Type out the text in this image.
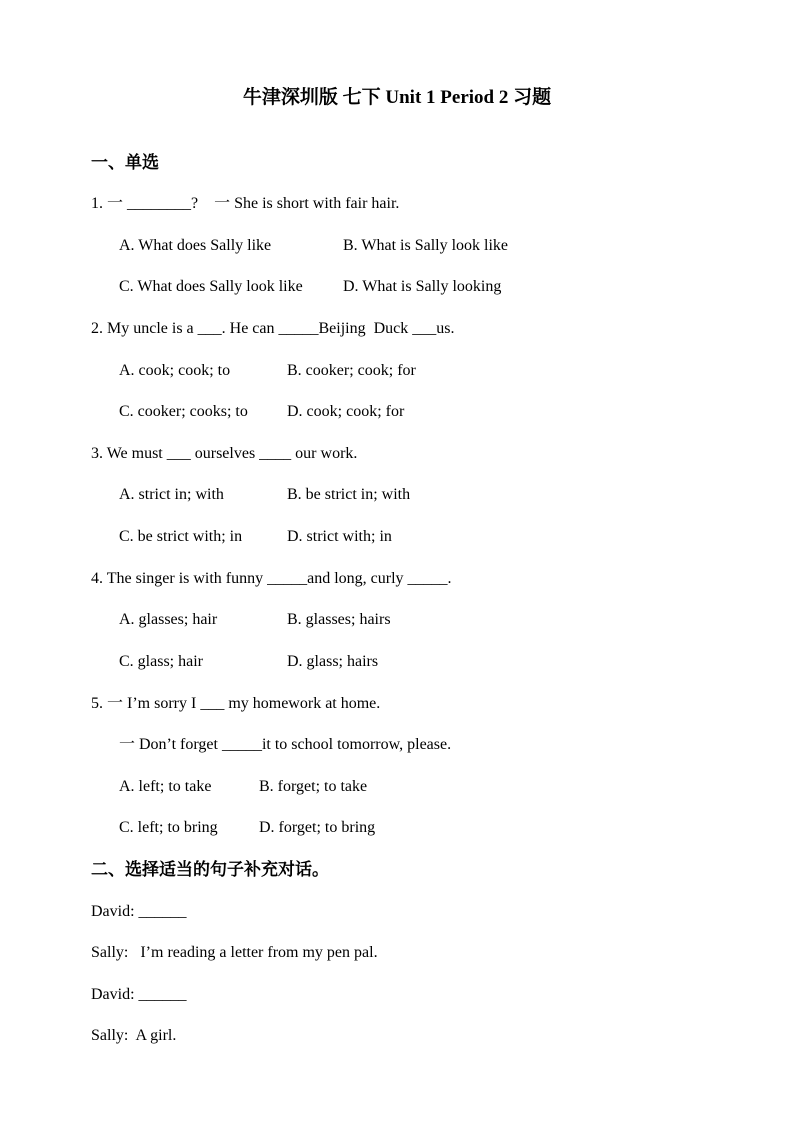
牛津深圳版 七下 Unit 1 Period 2 习题
一、单选
1. 一 ________?    一 She is short with fair hair.
A. What does Sally like	B. What is Sally look like
C. What does Sally look like	D. What is Sally looking
2. My uncle is a ___. He can _____Beijing  Duck ___us.
A. cook; cook; to	B. cooker; cook; for
C. cooker; cooks; to D. cook; cook; for
3. We must ___ ourselves ____ our work.
A. strict in; with	B. be strict in; with
C. be strict with; in	D. strict with; in
4. The singer is with funny _____and long, curly _____.
A. glasses; hair	B. glasses; hairs
C. glass; hair	D. glass; hairs
5. 一 I’m sorry I ___ my homework at home.
一 Don’t forget _____it to school tomorrow, please.
A. left; to take	B. forget; to take
C. left; to bring	D. forget; to bring
二、选择适当的句子补充对话。
David: ______
Sally:   I’m reading a letter from my pen pal.
David: ______
Sally:  A girl.
